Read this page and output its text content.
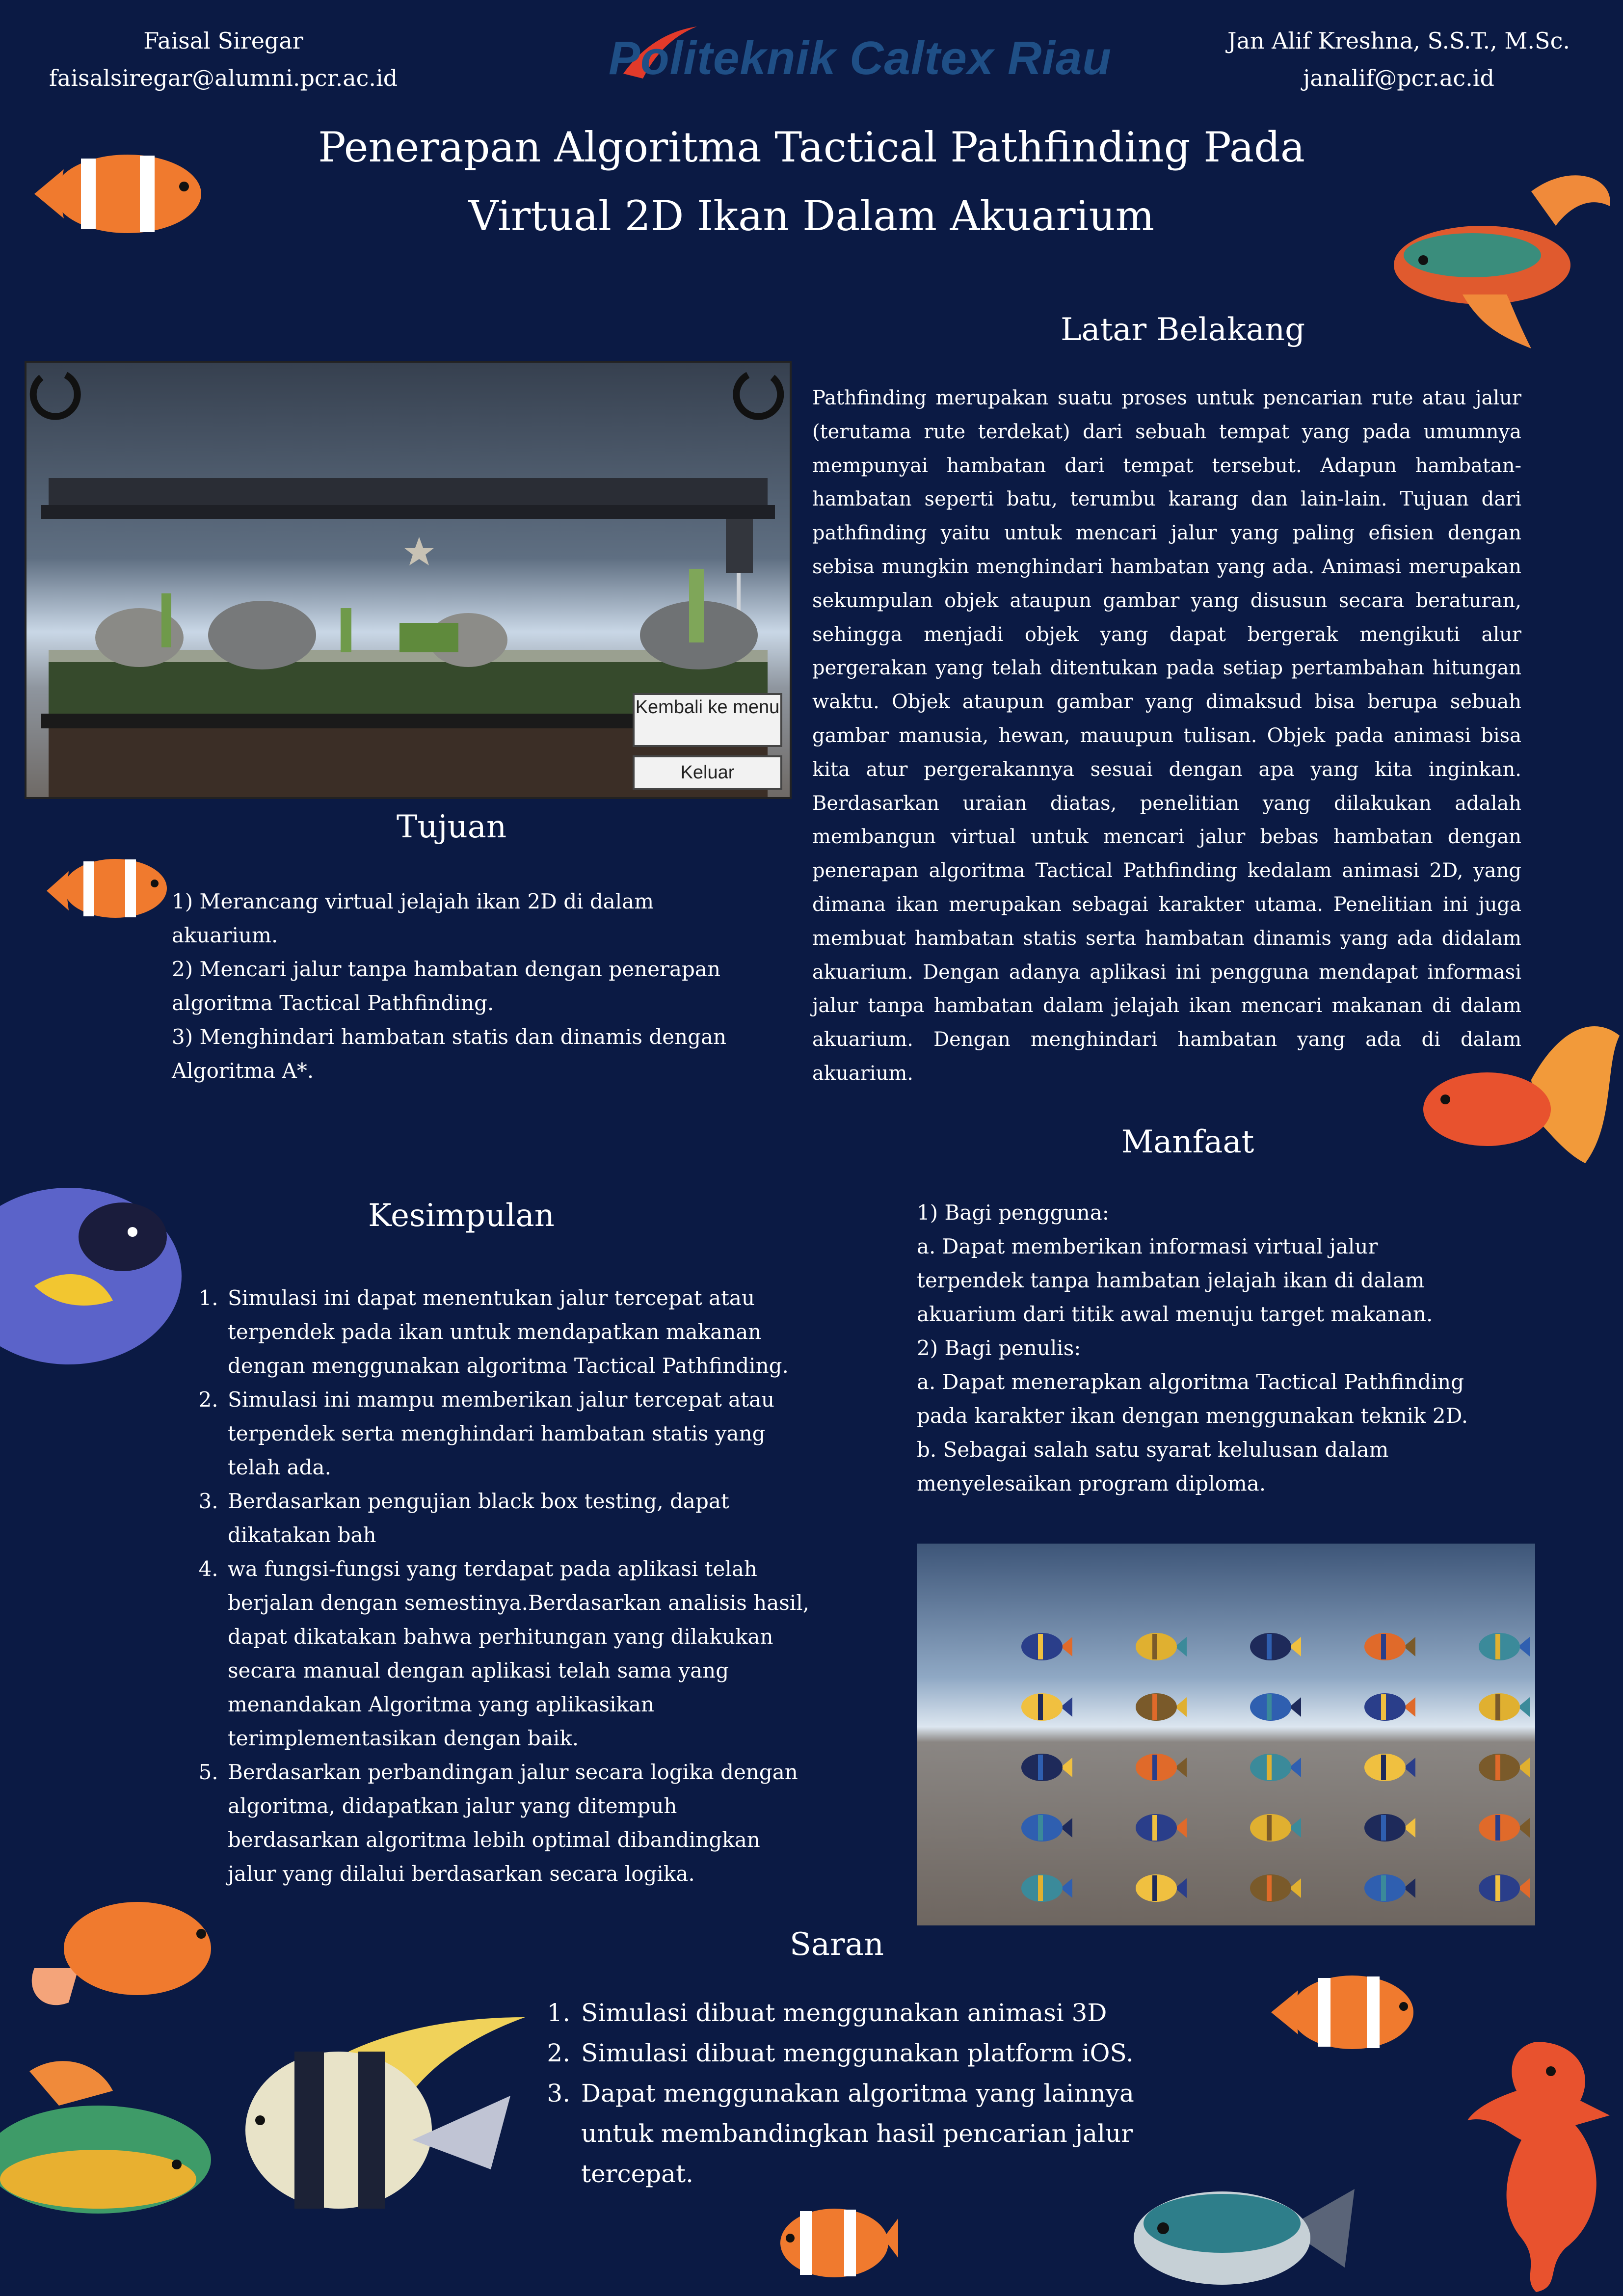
Faisal Siregar
faisalsiregar@alumni.pcr.ac.id	Politeknik Caltex Riau	Jan Alif Kreshna, S.S.T., M.Sc.
janalif@pcr.ac.id
Penerapan Algoritma Tactical Pathfinding Pada
Virtual 2D Ikan Dalam Akuarium
Kembali ke menu
Keluar
Latar Belakang
Pathfinding merupakan suatu proses untuk pencarian rute atau jalur (terutama rute terdekat) dari sebuah tempat yang pada umumnya mempunyai hambatan dari tempat tersebut. Adapun hambatan-hambatan seperti batu, terumbu karang dan lain-lain. Tujuan dari pathfinding yaitu untuk mencari jalur yang paling efisien dengan sebisa mungkin menghindari hambatan yang ada. Animasi merupakan sekumpulan objek ataupun gambar yang disusun secara beraturan, sehingga menjadi objek yang dapat bergerak mengikuti alur pergerakan yang telah ditentukan pada setiap pertambahan hitungan waktu. Objek ataupun gambar yang dimaksud bisa berupa sebuah gambar manusia, hewan, mauupun tulisan. Objek pada animasi bisa kita atur pergerakannya sesuai dengan apa yang kita inginkan. Berdasarkan uraian diatas, penelitian yang dilakukan adalah membangun virtual untuk mencari jalur bebas hambatan dengan penerapan algoritma Tactical Pathfinding kedalam animasi 2D, yang dimana ikan merupakan sebagai karakter utama. Penelitian ini juga membuat hambatan statis serta hambatan dinamis yang ada didalam akuarium. Dengan adanya aplikasi ini pengguna mendapat informasi jalur tanpa hambatan dalam jelajah ikan mencari makanan di dalam akuarium. Dengan menghindari hambatan yang ada di dalam akuarium.
Tujuan

1) Merancang virtual jelajah ikan 2D di dalam akuarium.

2) Mencari jalur tanpa hambatan dengan penerapan algoritma Tactical Pathfinding.

3) Menghindari hambatan statis dan dinamis dengan Algoritma A*.

Manfaat

1) Bagi pengguna:

a. Dapat memberikan informasi virtual jalur terpendek tanpa hambatan jelajah ikan di dalam akuarium dari titik awal menuju target makanan.

2) Bagi penulis:

a. Dapat menerapkan algoritma Tactical Pathfinding pada karakter ikan dengan menggunakan teknik 2D.

b. Sebagai salah satu syarat kelulusan dalam menyelesaikan program diploma.

Kesimpulan
1. Simulasi ini dapat menentukan jalur tercepat atau terpendek pada ikan untuk mendapatkan makanan dengan menggunakan algoritma Tactical Pathfinding.
2. Simulasi ini mampu memberikan jalur tercepat atau terpendek serta menghindari hambatan statis yang telah ada.
3. Berdasarkan pengujian black box testing, dapat dikatakan bah
4. wa fungsi-fungsi yang terdapat pada aplikasi telah berjalan dengan semestinya.Berdasarkan analisis hasil, dapat dikatakan bahwa perhitungan yang dilakukan secara manual dengan aplikasi telah sama yang menandakan Algoritma yang aplikasikan terimplementasikan dengan baik.
5. Berdasarkan perbandingan jalur secara logika dengan algoritma, didapatkan jalur yang ditempuh berdasarkan algoritma lebih optimal dibandingkan jalur yang dilalui berdasarkan secara logika.
Saran
1. Simulasi dibuat menggunakan animasi 3D
2. Simulasi dibuat menggunakan platform iOS.
3. Dapat menggunakan algoritma yang lainnya untuk membandingkan hasil pencarian jalur tercepat.
